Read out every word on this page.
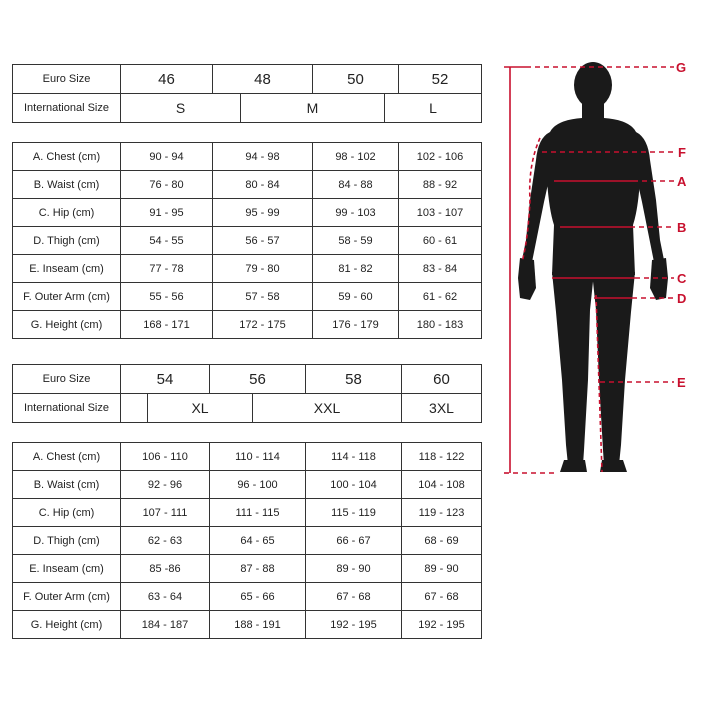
Euro Size	46	48	50	52
International Size	S	M	L
A. Chest (cm)	90 - 94	94 - 98	98 - 102	102 - 106
B. Waist (cm)	76 - 80	80 - 84	84 - 88	88 - 92
C. Hip (cm)	91 - 95	95 - 99	99 - 103	103 - 107
D. Thigh (cm)	54 - 55	56 - 57	58 - 59	60 - 61
E. Inseam (cm)	77 - 78	79 - 80	81 - 82	83 - 84
F. Outer Arm (cm)	55 - 56	57 - 58	59 - 60	61 - 62
G. Height (cm)	168 - 171	172 - 175	176 - 179	180 - 183
Euro Size	54	56	58	60
International Size		XL	XXL	3XL
A. Chest (cm)	106 - 110	110 - 114	114 - 118	118 - 122
B. Waist (cm)	92 - 96	96 - 100	100 - 104	104 - 108
C. Hip (cm)	107 - 111	111 - 115	115 - 119	119 - 123
D. Thigh (cm)	62 - 63	64 - 65	66 - 67	68 - 69
E. Inseam (cm)	85 -86	87 - 88	89 - 90	89 - 90
F. Outer Arm (cm)	63 - 64	65 - 66	67 - 68	67 - 68
G. Height (cm)	184 - 187	188 - 191	192 - 195	192 - 195
G
F
A
B
C
D
E
